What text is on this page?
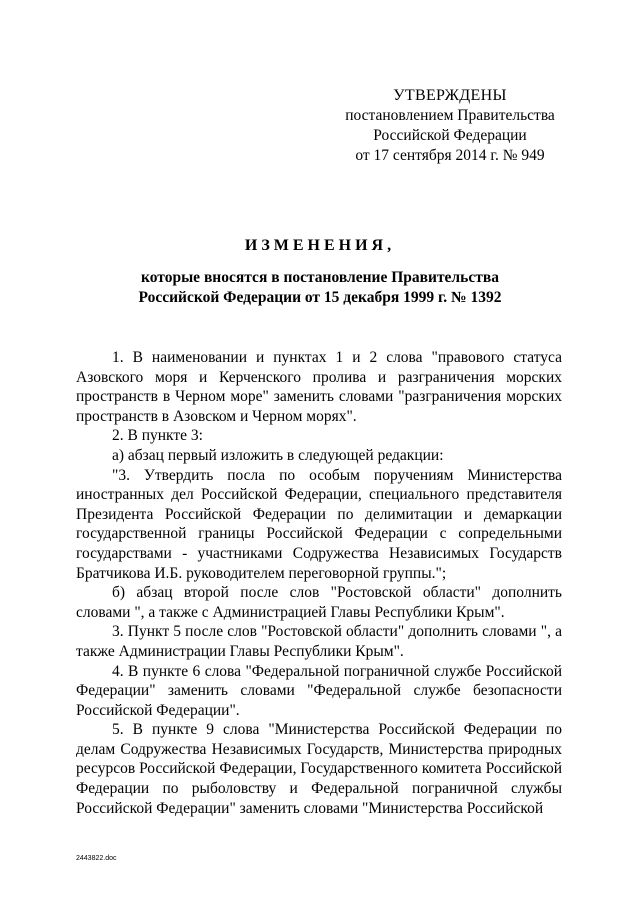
УТВЕРЖДЕНЫ
постановлением Правительства
Российской Федерации
от 17 сентября 2014 г. № 949
ИЗМЕНЕНИЯ,
которые вносятся в постановление Правительства
Российской Федерации от 15 декабря 1999 г. № 1392

1. В наименовании и пунктах 1 и 2 слова "правового статуса Азовского моря и Керченского пролива и разграничения морских пространств в Черном море" заменить словами "разграничения морских пространств в Азовском и Черном морях".

2. В пункте 3:

а) абзац первый изложить в следующей редакции:

"3. Утвердить посла по особым поручениям Министерства иностранных дел Российской Федерации, специального представителя Президента Российской Федерации по делимитации и демаркации государственной границы Российской Федерации с сопредельными государствами - участниками Содружества Независимых Государств Братчикова И.Б. руководителем переговорной группы.";

б) абзац второй после слов "Ростовской области" дополнить словами ", а также с Администрацией Главы Республики Крым".

3. Пункт 5 после слов "Ростовской области" дополнить словами ", а также Администрации Главы Республики Крым".

4. В пункте 6 слова "Федеральной пограничной службе Российской Федерации" заменить словами "Федеральной службе безопасности Российской Федерации".

5. В пункте 9 слова "Министерства Российской Федерации по делам Содружества Независимых Государств, Министерства природных ресурсов Российской Федерации, Государственного комитета Российской Федерации по рыболовству и Федеральной пограничной службы Российской Федерации" заменить словами "Министерства Российской

2443822.doc
